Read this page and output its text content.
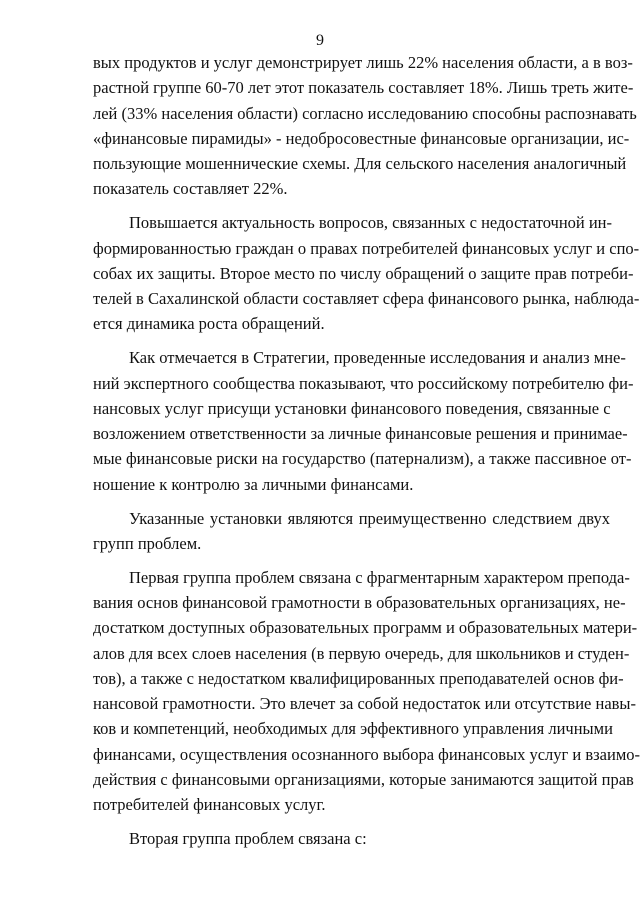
9
вых продуктов и услуг демонстрирует лишь 22% населения области, а в воз-
растной группе 60-70 лет этот показатель составляет 18%. Лишь треть жите-
лей (33% населения области) согласно исследованию способны распознавать
«финансовые пирамиды» - недобросовестные финансовые организации, ис-
пользующие мошеннические схемы. Для сельского населения аналогичный
показатель составляет 22%.
Повышается актуальность вопросов, связанных с недостаточной ин-
формированностью граждан о правах потребителей финансовых услуг и спо-
собах их защиты. Второе место по числу обращений о защите прав потреби-
телей в Сахалинской области составляет сфера финансового рынка, наблюда-
ется динамика роста обращений.
Как отмечается в Стратегии, проведенные исследования и анализ мне-
ний экспертного сообщества показывают, что российскому потребителю фи-
нансовых услуг присущи установки финансового поведения, связанные с
возложением ответственности за личные финансовые решения и принимае-
мые финансовые риски на государство (патернализм), а также пассивное от-
ношение к контролю за личными финансами.
Указанные установки являются преимущественно следствием двух
групп проблем.
Первая группа проблем связана с фрагментарным характером препода-
вания основ финансовой грамотности в образовательных организациях, не-
достатком доступных образовательных программ и образовательных матери-
алов для всех слоев населения (в первую очередь, для школьников и студен-
тов), а также с недостатком квалифицированных преподавателей основ фи-
нансовой грамотности. Это влечет за собой недостаток или отсутствие навы-
ков и компетенций, необходимых для эффективного управления личными
финансами, осуществления осознанного выбора финансовых услуг и взаимо-
действия с финансовыми организациями, которые занимаются защитой прав
потребителей финансовых услуг.
Вторая группа проблем связана с:
